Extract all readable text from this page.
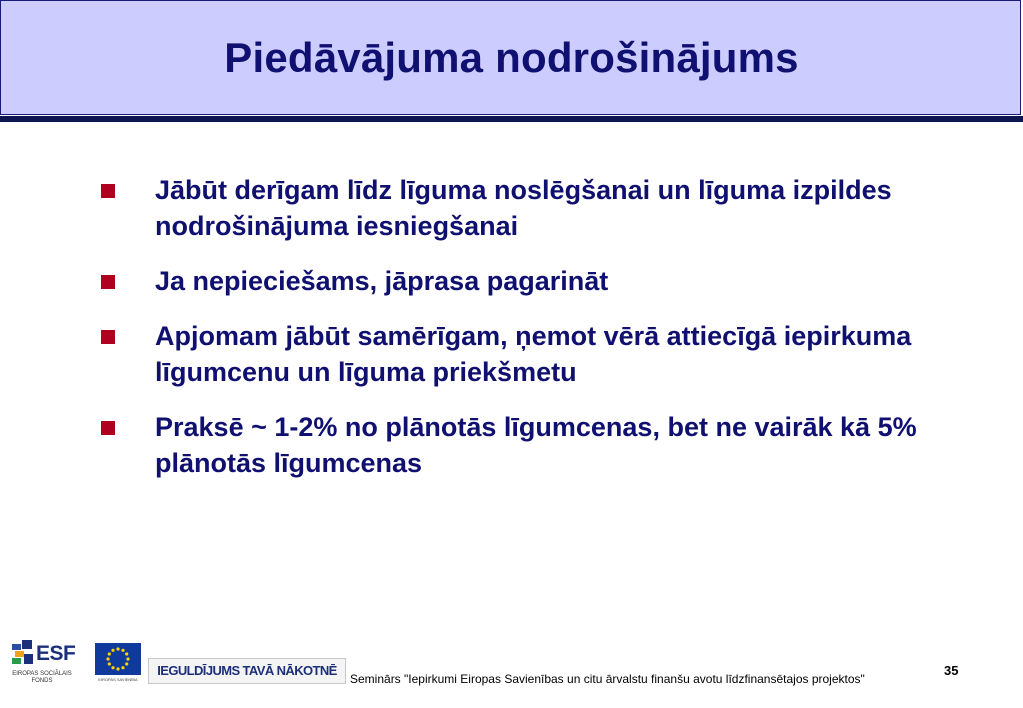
Piedāvājuma nodrošinājums
Jābūt derīgam līdz līguma noslēgšanai un līguma izpildes nodrošinājuma iesniegšanai
Ja nepieciešams, jāprasa pagarināt
Apjomam jābūt samērīgam, ņemot vērā attiecīgā iepirkuma līgumcenu un līguma priekšmetu
Praksē ~ 1-2% no plānotās līgumcenas, bet ne vairāk kā 5% plānotās līgumcenas
ESF
EIROPAS SOCIĀLAIS FONDS	EIROPAS SAVIENĪBA
IEGULDĪJUMS TAVĀ NĀKOTNĒ
Seminārs "Iepirkumi Eiropas Savienības un citu ārvalstu finanšu avotu līdzfinansētajos projektos"
35
